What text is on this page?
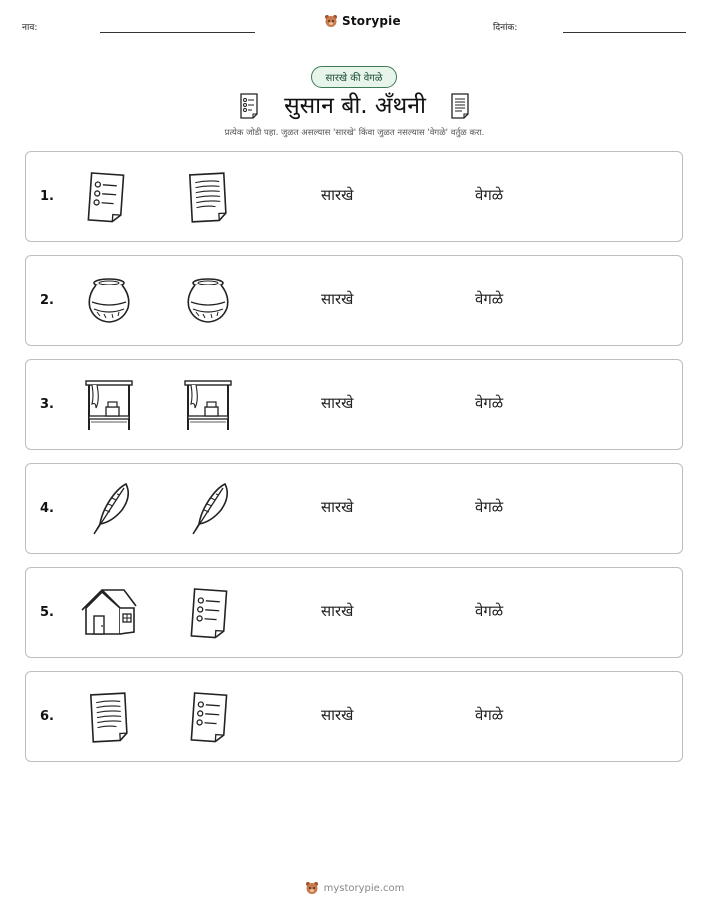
नाव:	Storypie	दिनांक:
सारखे की वेगळे
सुसान बी. अँथनी
प्रत्येक जोडी पहा. जुळत असल्यास 'सारखे' किंवा जुळत नसल्यास 'वेगळे' वर्तुळ करा.
1.	सारखे	वेगळे
2.	सारखे	वेगळे
3.	सारखे	वेगळे
4.	सारखे	वेगळे
5.	सारखे	वेगळे
6.	सारखे	वेगळे
mystorypie.com
